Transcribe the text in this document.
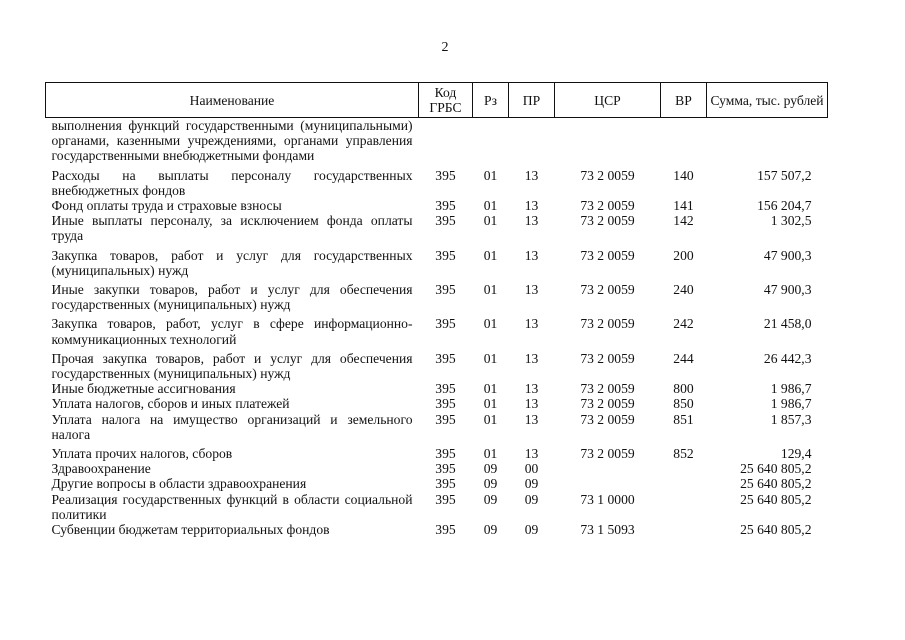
2
Наименование	Код ГРБС	Рз	ПР	ЦСР	ВР	Сумма, тыс. рублей
выполнения функций государственными (муниципальными) органами, казенными учреждениями, органами управления государственными внебюджетными фондами						
Расходы на выплаты персоналу государственных внебюджетных фондов	395	01	13	73 2 0059	140	157 507,2
Фонд оплаты труда и страховые взносы	395	01	13	73 2 0059	141	156 204,7
Иные выплаты персоналу, за исключением фонда оплаты труда	395	01	13	73 2 0059	142	1 302,5
Закупка товаров, работ и услуг для государственных (муниципальных) нужд	395	01	13	73 2 0059	200	47 900,3
Иные закупки товаров, работ и услуг для обеспечения государственных (муниципальных) нужд	395	01	13	73 2 0059	240	47 900,3
Закупка товаров, работ, услуг в сфере информационно-коммуникационных технологий	395	01	13	73 2 0059	242	21 458,0
Прочая закупка товаров, работ и услуг для обеспечения государственных (муниципальных) нужд	395	01	13	73 2 0059	244	26 442,3
Иные бюджетные ассигнования	395	01	13	73 2 0059	800	1 986,7
Уплата налогов, сборов и иных платежей	395	01	13	73 2 0059	850	1 986,7
Уплата налога на имущество организаций и земельного налога	395	01	13	73 2 0059	851	1 857,3
Уплата прочих налогов, сборов	395	01	13	73 2 0059	852	129,4
Здравоохранение	395	09	00			25 640 805,2
Другие вопросы в области здравоохранения	395	09	09			25 640 805,2
Реализация государственных функций в области социальной политики	395	09	09	73 1 0000		25 640 805,2
Субвенции бюджетам территориальных фондов	395	09	09	73 1 5093		25 640 805,2
